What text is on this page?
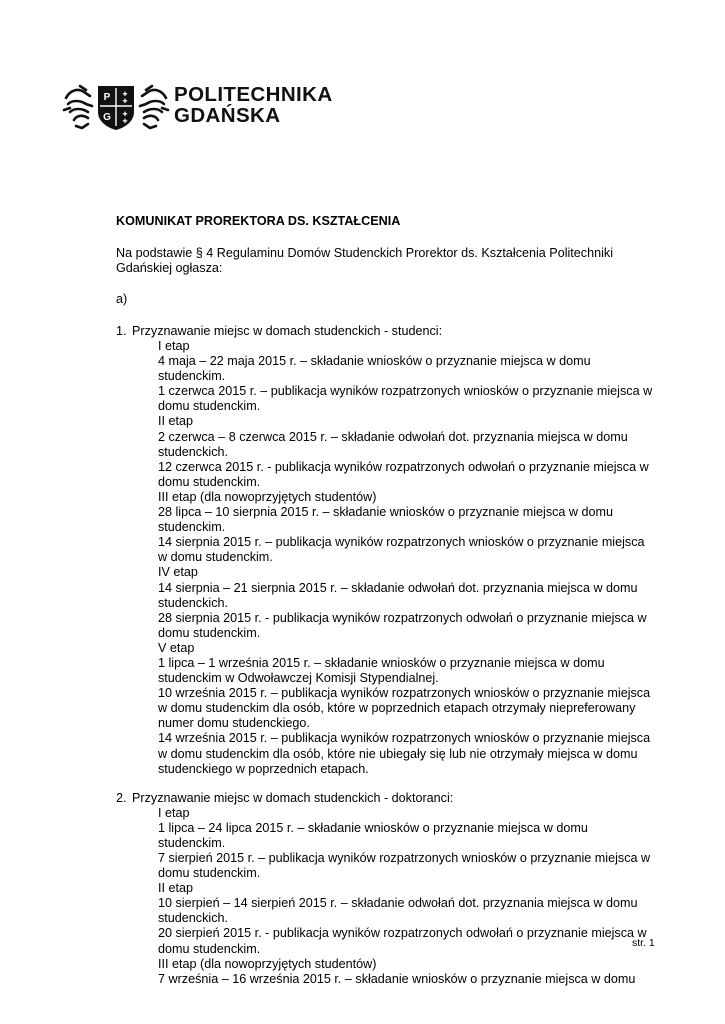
P
G
✚
✚
✚
✚
POLITECHNIKA
GDAŃSKA
KOMUNIKAT PROREKTORA DS. KSZTAŁCENIA
Na podstawie § 4 Regulaminu Domów Studenckich Prorektor ds. Kształcenia Politechniki Gdańskiej ogłasza:
a)
1. Przyznawanie miejsc w domach studenckich - studenci:
I etap
4 maja – 22 maja 2015 r. – składanie wniosków o przyznanie miejsca w domu studenckim.
1 czerwca 2015 r. – publikacja wyników rozpatrzonych wniosków o przyznanie miejsca w domu studenckim.
II etap
2 czerwca – 8 czerwca 2015 r. – składanie odwołań dot. przyznania miejsca w domu studenckich.
12 czerwca 2015 r. - publikacja wyników rozpatrzonych odwołań o przyznanie miejsca w domu studenckim.
III etap (dla nowoprzyjętych studentów)
28 lipca – 10 sierpnia 2015 r. – składanie wniosków o przyznanie miejsca w domu studenckim.
14 sierpnia 2015 r. – publikacja wyników rozpatrzonych wniosków o przyznanie miejsca w domu studenckim.
IV etap
14 sierpnia – 21 sierpnia 2015 r. – składanie odwołań dot. przyznania miejsca w domu studenckich.
28 sierpnia 2015 r. - publikacja wyników rozpatrzonych odwołań o przyznanie miejsca w domu studenckim.
V etap
1 lipca – 1 września 2015 r. – składanie wniosków o przyznanie miejsca w domu studenckim w Odwoławczej Komisji Stypendialnej.
10 września 2015 r. – publikacja wyników rozpatrzonych wniosków o przyznanie miejsca w domu studenckim dla osób, które w poprzednich etapach otrzymały niepreferowany numer domu studenckiego.
14 września 2015 r. – publikacja wyników rozpatrzonych wniosków o przyznanie miejsca w domu studenckim dla osób, które nie ubiegały się lub nie otrzymały miejsca w domu studenckiego w poprzednich etapach.
2. Przyznawanie miejsc w domach studenckich - doktoranci:
I etap
1 lipca – 24 lipca 2015 r. – składanie wniosków o przyznanie miejsca w domu studenckim.
7 sierpień 2015 r. – publikacja wyników rozpatrzonych wniosków o przyznanie miejsca w domu studenckim.
II etap
10 sierpień – 14 sierpień 2015 r. – składanie odwołań dot. przyznania miejsca w domu studenckich.
20 sierpień 2015 r. - publikacja wyników rozpatrzonych odwołań o przyznanie miejsca w domu studenckim.
III etap (dla nowoprzyjętych studentów)
7 września – 16 września 2015 r. – składanie wniosków o przyznanie miejsca w domu
str. 1
